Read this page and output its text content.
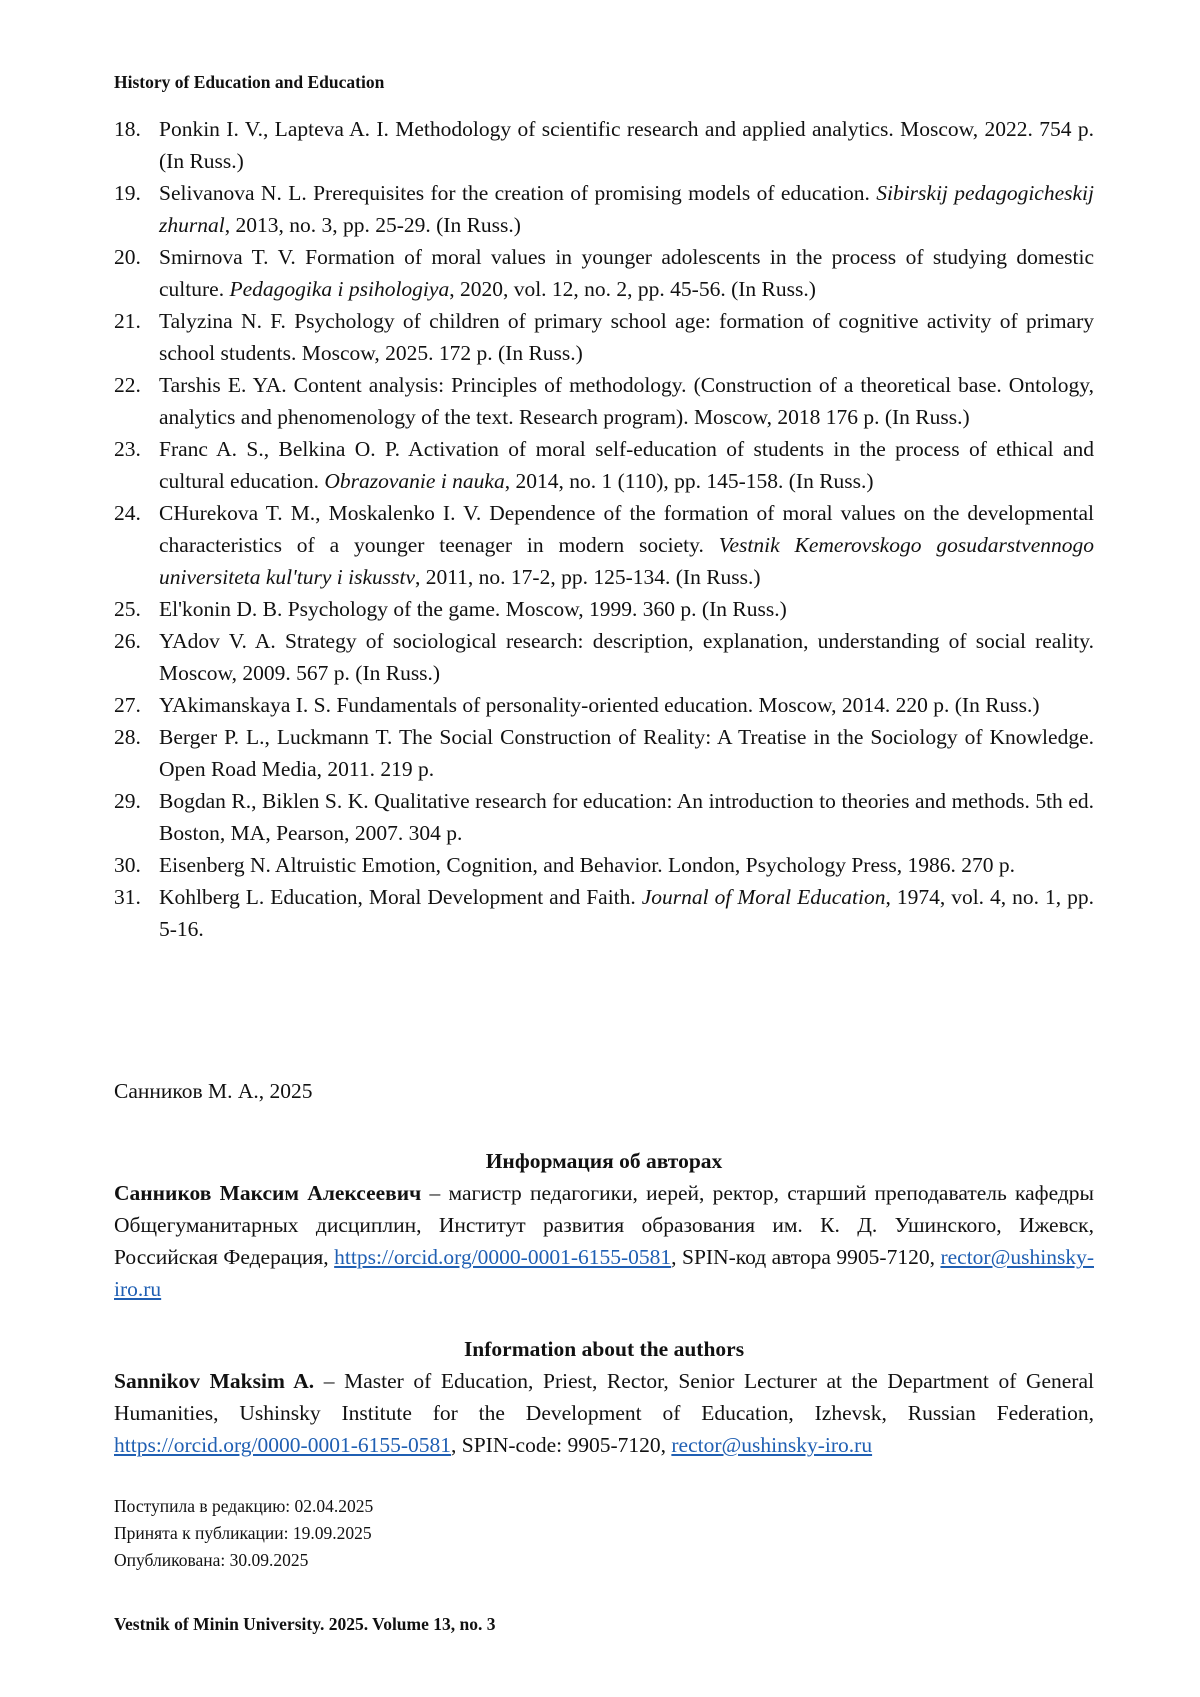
History of Education and Education
18. Ponkin I. V., Lapteva A. I. Methodology of scientific research and applied analytics. Moscow, 2022. 754 p. (In Russ.)
19. Selivanova N. L. Prerequisites for the creation of promising models of education. Sibirskij pedagogicheskij zhurnal, 2013, no. 3, pp. 25-29. (In Russ.)
20. Smirnova T. V. Formation of moral values in younger adolescents in the process of studying domestic culture. Pedagogika i psihologiya, 2020, vol. 12, no. 2, pp. 45-56. (In Russ.)
21. Talyzina N. F. Psychology of children of primary school age: formation of cognitive activity of primary school students. Moscow, 2025. 172 p. (In Russ.)
22. Tarshis E. YA. Content analysis: Principles of methodology. (Construction of a theoretical base. Ontology, analytics and phenomenology of the text. Research program). Moscow, 2018 176 p. (In Russ.)
23. Franc A. S., Belkina O. P. Activation of moral self-education of students in the process of ethical and cultural education. Obrazovanie i nauka, 2014, no. 1 (110), pp. 145-158. (In Russ.)
24. CHurekova T. M., Moskalenko I. V. Dependence of the formation of moral values on the developmental characteristics of a younger teenager in modern society. Vestnik Kemerovskogo gosudarstvennogo universiteta kul'tury i iskusstv, 2011, no. 17-2, pp. 125-134. (In Russ.)
25. El'konin D. B. Psychology of the game. Moscow, 1999. 360 p. (In Russ.)
26. YAdov V. A. Strategy of sociological research: description, explanation, understanding of social reality. Moscow, 2009. 567 p. (In Russ.)
27. YAkimanskaya I. S. Fundamentals of personality-oriented education. Moscow, 2014. 220 p. (In Russ.)
28. Berger P. L., Luckmann T. The Social Construction of Reality: A Treatise in the Sociology of Knowledge. Open Road Media, 2011. 219 p.
29. Bogdan R., Biklen S. K. Qualitative research for education: An introduction to theories and methods. 5th ed. Boston, MA, Pearson, 2007. 304 p.
30. Eisenberg N. Altruistic Emotion, Cognition, and Behavior. London, Psychology Press, 1986. 270 p.
31. Kohlberg L. Education, Moral Development and Faith. Journal of Moral Education, 1974, vol. 4, no. 1, pp. 5-16.
Санников М. А., 2025
Информация об авторах
Санников Максим Алексеевич – магистр педагогики, иерей, ректор, старший преподаватель кафедры Общегуманитарных дисциплин, Институт развития образования им. К. Д. Ушинского, Ижевск, Российская Федерация, https://orcid.org/0000-0001-6155-0581, SPIN-код автора 9905-7120, rector@ushinsky-iro.ru
Information about the authors
Sannikov Maksim A. – Master of Education, Priest, Rector, Senior Lecturer at the Department of General Humanities, Ushinsky Institute for the Development of Education, Izhevsk, Russian Federation, https://orcid.org/0000-0001-6155-0581, SPIN-code: 9905-7120, rector@ushinsky-iro.ru
Поступила в редакцию: 02.04.2025
Принята к публикации: 19.09.2025
Опубликована: 30.09.2025
Vestnik of Minin University. 2025. Volume 13, no. 3
